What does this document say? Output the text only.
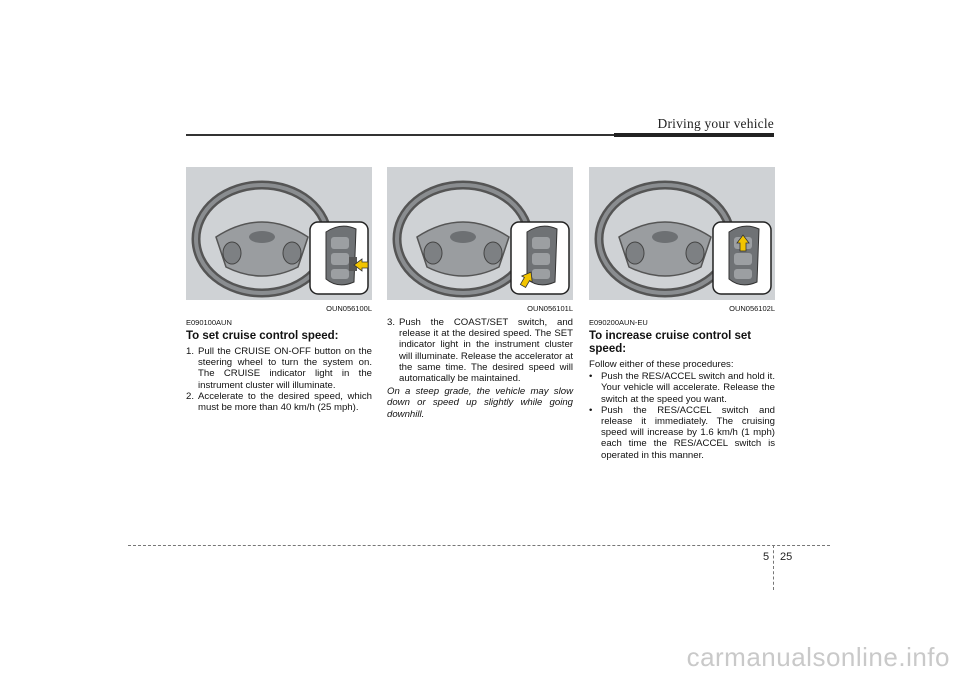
Driving your vehicle
OUN056100L
E090100AUN
To set cruise control speed:
1. Pull the CRUISE ON-OFF button on the steering wheel to turn the system on. The CRUISE indicator light in the instrument cluster will illuminate.
2. Accelerate to the desired speed, which must be more than 40 km/h (25 mph).
OUN056101L
3. Push the COAST/SET switch, and release it at the desired speed. The SET indicator light in the instrument cluster will illuminate. Release the accelerator at the same time. The desired speed will automatically be maintained.
On a steep grade, the vehicle may slow down or speed up slightly while going downhill.
OUN056102L
E090200AUN-EU
To increase cruise control set speed:
Follow either of these procedures:
• Push the RES/ACCEL switch and hold it. Your vehicle will accelerate. Release the switch at the speed you want.
• Push the RES/ACCEL switch and release it immediately. The cruising speed will increase by 1.6 km/h (1 mph) each time the RES/ACCEL switch is operated in this manner.
5 25
carmanualsonline.info
